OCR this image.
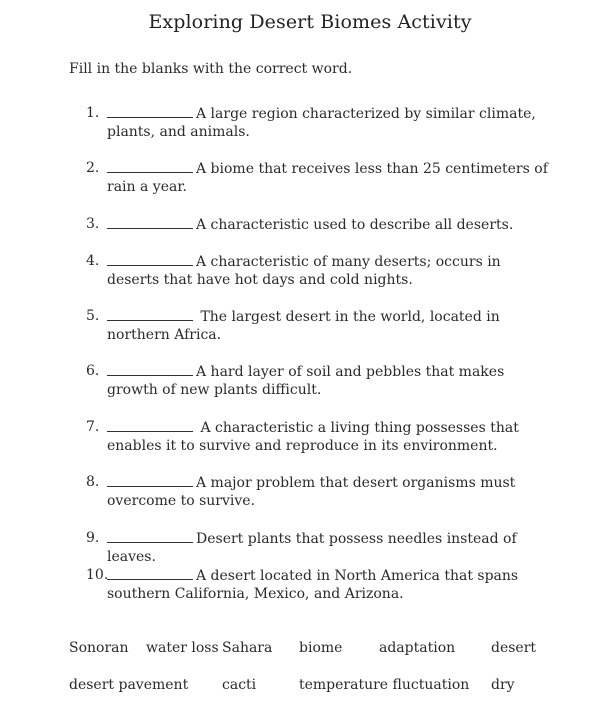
Exploring Desert Biomes Activity
Fill in the blanks with the correct word.
1.	A large region characterized by similar climate, plants, and animals.
2.	A biome that receives less than 25 centimeters of rain a year.
3.	A characteristic used to describe all deserts.
4.	A characteristic of many deserts; occurs in deserts that have hot days and cold nights.
5.	The largest desert in the world, located in northern Africa.
6.	A hard layer of soil and pebbles that makes growth of new plants difficult.
7.	A characteristic a living thing possesses that enables it to survive and reproduce in its environment.
8.	A major problem that desert organisms must overcome to survive.
9.	Desert plants that possess needles instead of leaves.
10.	A desert located in North America that spans southern California, Mexico, and Arizona.
Sonoran water loss Sahara biome	adaptation	desert
desert pavement cacti	temperature fluctuation dry
